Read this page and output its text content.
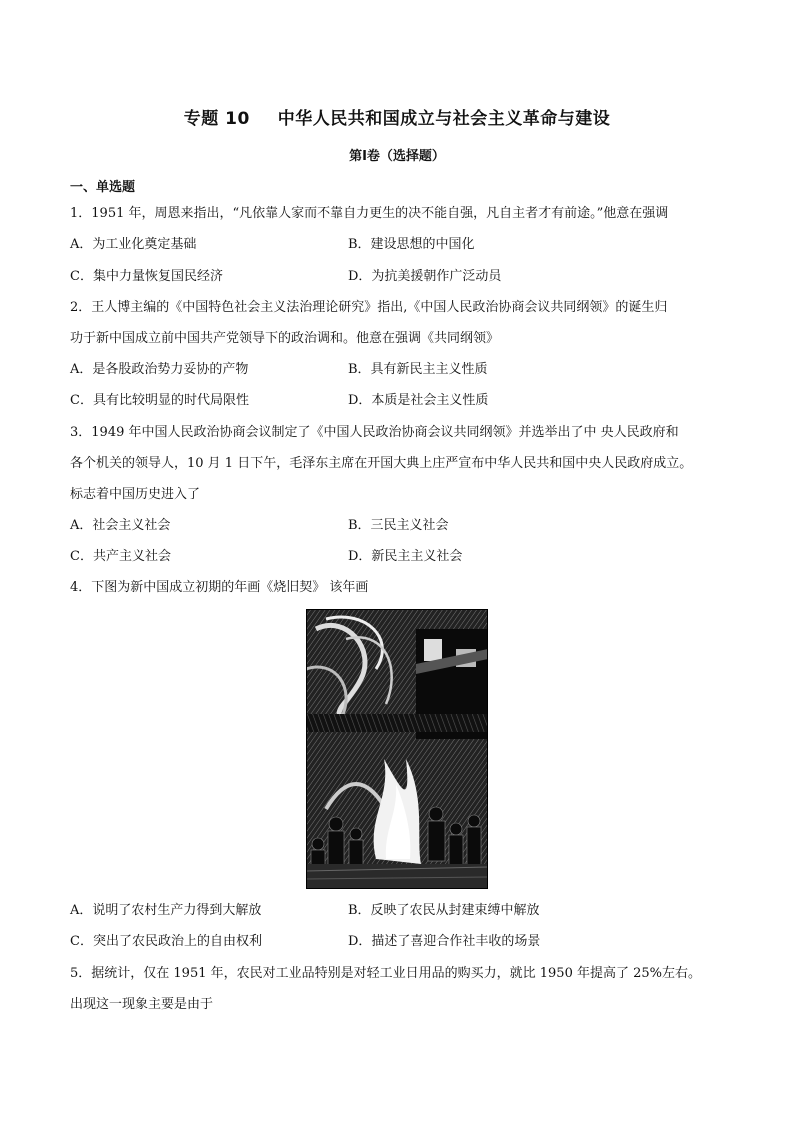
专题 10 中华人民共和国成立与社会主义革命与建设
第Ⅰ卷（选择题）
一、单选题
1．1951 年，周恩来指出，“凡依靠人家而不靠自力更生的决不能自强，凡自主者才有前途。”他意在强调
A．为工业化奠定基础	B．建设思想的中国化
C．集中力量恢复国民经济	D．为抗美援朝作广泛动员
2．王人博主编的《中国特色社会主义法治理论研究》指出,《中国人民政治协商会议共同纲领》的诞生归
功于新中国成立前中国共产党领导下的政治调和。他意在强调《共同纲领》
A．是各股政治势力妥协的产物	B．具有新民主主义性质
C．具有比较明显的时代局限性	D．本质是社会主义性质
3．1949 年中国人民政治协商会议制定了《中国人民政治协商会议共同纲领》并选举出了中 央人民政府和
各个机关的领导人，10 月 1 日下午，毛泽东主席在开国大典上庄严宣布中华人民共和国中央人民政府成立。
标志着中国历史进入了
A．社会主义社会	B．三民主义社会
C．共产主义社会	D．新民主主义社会
4．下图为新中国成立初期的年画《烧旧契》 该年画
A．说明了农村生产力得到大解放	B．反映了农民从封建束缚中解放
C．突出了农民政治上的自由权利	D．描述了喜迎合作社丰收的场景
5．据统计，仅在 1951 年，农民对工业品特别是对轻工业日用品的购买力，就比 1950 年提高了 25%左右。
出现这一现象主要是由于
